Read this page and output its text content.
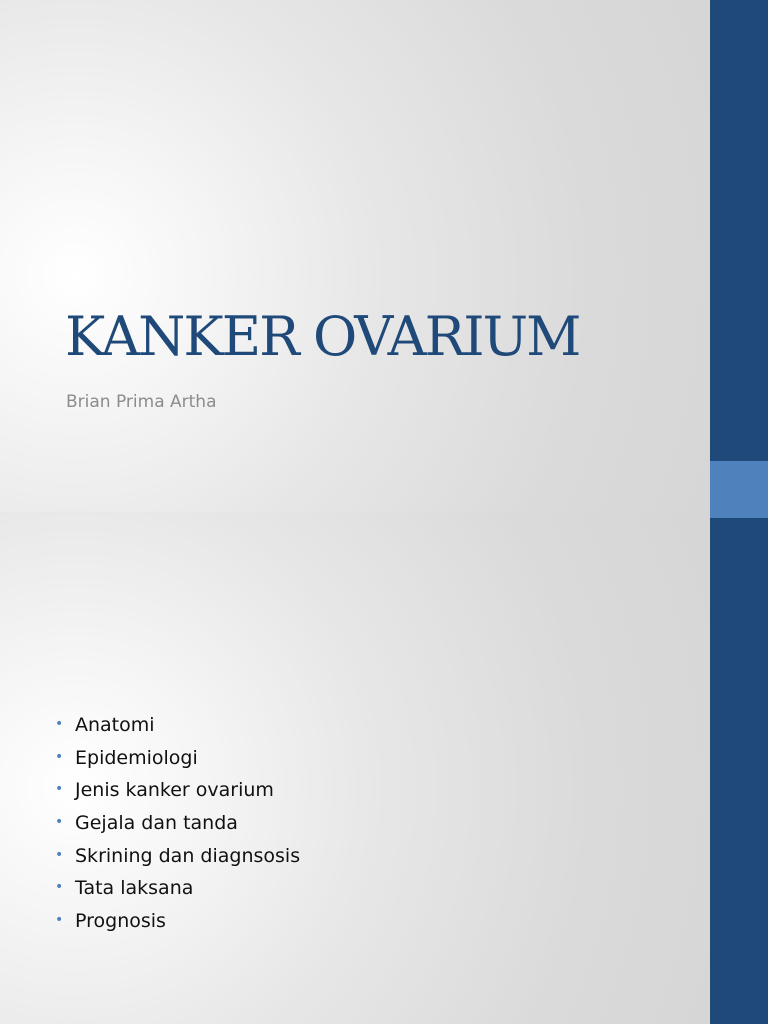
KANKER OVARIUM

Brian Prima Artha

• Anatomi
• Epidemiologi
• Jenis kanker ovarium
• Gejala dan tanda
• Skrining dan diagnsosis
• Tata laksana
• Prognosis
